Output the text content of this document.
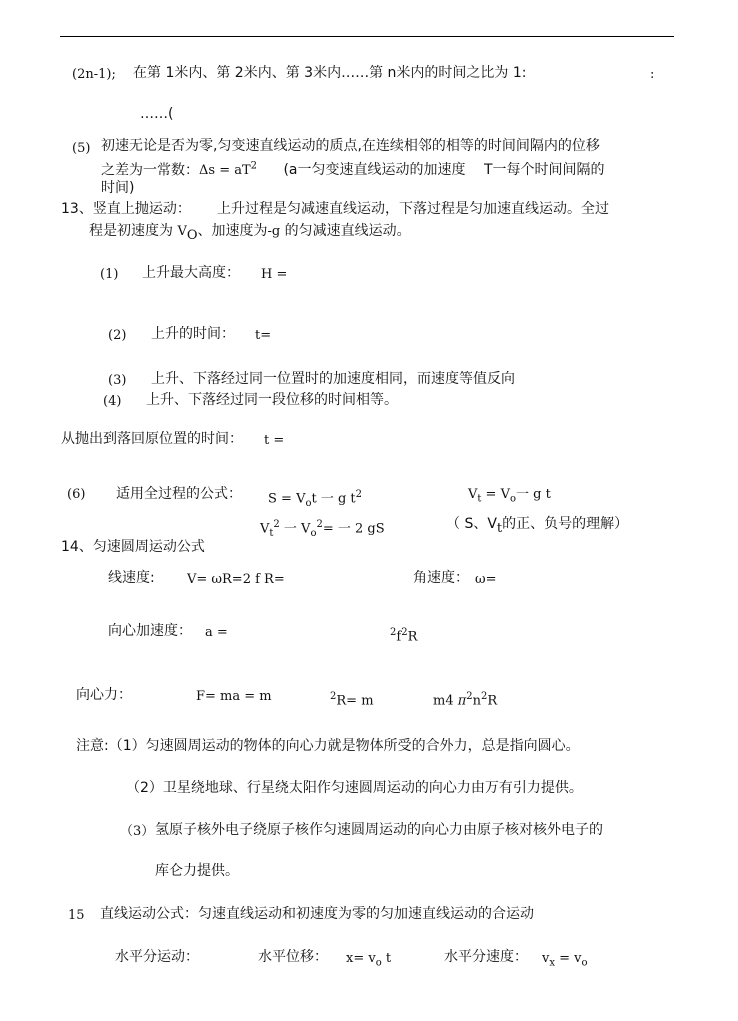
(2n-1); 在第 1米内、第 2米内、第 3米内……第 n米内的时间之比为 1:	:
……(
(5) 初速无论是否为零,匀变速直线运动的质点,在连续相邻的相等的时间间隔内的位移
之差为一常数：$\Delta s = aT^2$ (a一匀变速直线运动的加速度 T一每个时间间隔的
时间)
13、竖直上抛运动： 上升过程是匀减速直线运动，下落过程是匀加速直线运动。全过
程是初速度为 $V_O$、加速度为-g 的匀减速直线运动。
(1) 上升最大高度： H =
(2) 上升的时间： t=
(3) 上升、下落经过同一位置时的加速度相同，而速度等值反向
(4) 上升、下落经过同一段位移的时间相等。
从抛出到落回原位置的时间： t =
(6) 适用全过程的公式： $S = V_ot$ 一 g $t^2$	$V_t = V_o$一 g t
$V_t^2$ 一 $V_o^2=$ 一 2 gS	（ S、$V_t$的正、负号的理解）
14、匀速圆周运动公式
线速度: V= ωR=2 f R=	角速度： ω=
向心加速度： a =	$^2f^2R$
向心力：	F= ma = m	$^2$R= m	m4 $\pi^2n^2R$
注意:（1）匀速圆周运动的物体的向心力就是物体所受的合外力，总是指向圆心。
（2）卫星绕地球、行星绕太阳作匀速圆周运动的向心力由万有引力提供。
（3） 氢原子核外电子绕原子核作匀速圆周运动的向心力由原子核对核外电子的
库仑力提供。
15 直线运动公式：匀速直线运动和初速度为零的匀加速直线运动的合运动
水平分运动：	水平位移： $x= v_o$ t	水平分速度： $v_x = v_o$
